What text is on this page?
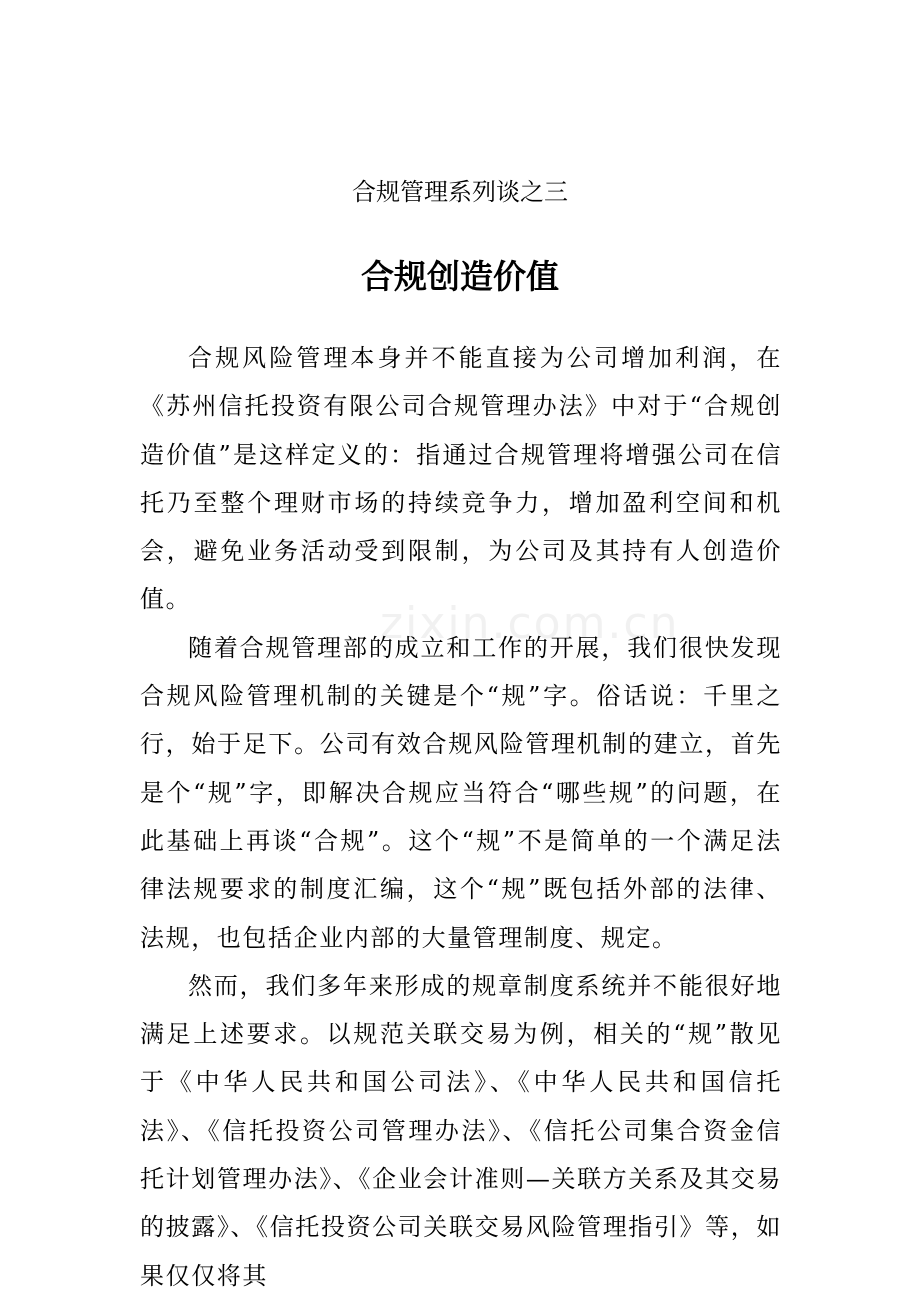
zixin.com.cn
合规管理系列谈之三
合规创造价值

合规风险管理本身并不能直接为公司增加利润，在《苏州信托投资有限公司合规管理办法》中对于“合规创造价值”是这样定义的：指通过合规管理将增强公司在信托乃至整个理财市场的持续竞争力，增加盈利空间和机会，避免业务活动受到限制，为公司及其持有人创造价值。

随着合规管理部的成立和工作的开展，我们很快发现合规风险管理机制的关键是个“规”字。俗话说：千里之行，始于足下。公司有效合规风险管理机制的建立，首先是个“规”字，即解决合规应当符合“哪些规”的问题，在此基础上再谈“合规”。这个“规”不是简单的一个满足法律法规要求的制度汇编，这个“规”既包括外部的法律、法规，也包括企业内部的大量管理制度、规定。

然而，我们多年来形成的规章制度系统并不能很好地满足上述要求。以规范关联交易为例，相关的“规”散见于《中华人民共和国公司法》、《中华人民共和国信托法》、《信托投资公司管理办法》、《信托公司集合资金信托计划管理办法》、《企业会计准则—关联方关系及其交易的披露》、《信托投资公司关联交易风险管理指引》等，如果仅仅将其
